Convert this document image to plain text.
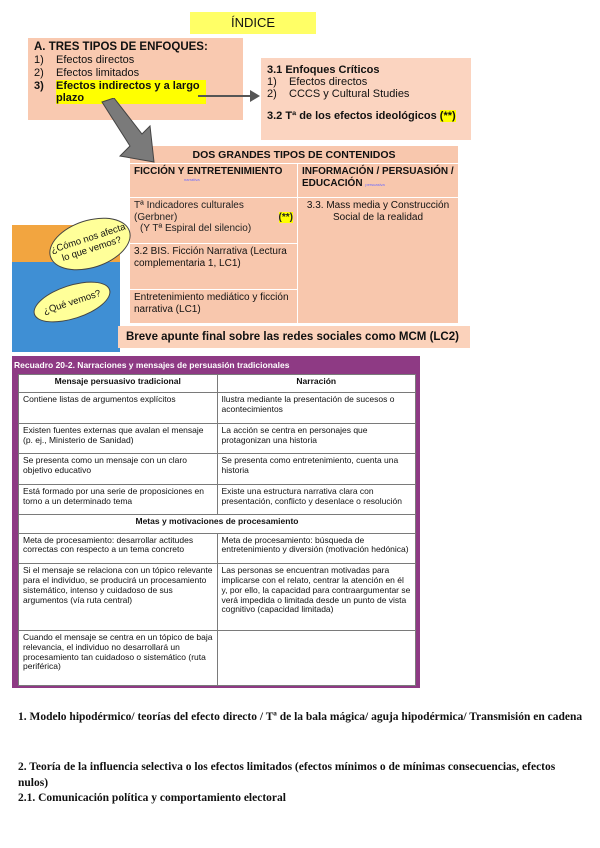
ÍNDICE
A. TRES TIPOS DE ENFOQUES:
1) Efectos directos
2) Efectos limitados
3)	Efectos indirectos y a largo plazo
3.1 Enfoques Críticos
1) Efectos directos
2) CCCS y Cultural Studies
3.2 Tª de los efectos ideológicos (**)
DOS GRANDES TIPOS DE CONTENIDOS
FICCIÓN Y ENTRETENIMIENTO
narrativa
INFORMACIÓN / PERSUASIÓN / EDUCACIÓN persuasiva
Tª Indicadores culturales (Gerbner)	(**)
(Y Tª Espiral del silencio)
3.2 BIS. Ficción Narrativa (Lectura complementaria 1, LC1)
Entretenimiento mediático y ficción narrativa (LC1)
3.3. Mass media y Construcción Social de la realidad
¿Cómo nos afecta lo que vemos?
¿Qué vemos?
Breve apunte final sobre las redes sociales como MCM (LC2)
Recuadro 20-2. Narraciones y mensajes de persuasión tradicionales
Mensaje persuasivo tradicional	Narración
Contiene listas de argumentos explícitos	Ilustra mediante la presentación de sucesos o acontecimientos
Existen fuentes externas que avalan el mensaje (p. ej., Ministerio de Sanidad)	La acción se centra en personajes que protagonizan una historia
Se presenta como un mensaje con un claro objetivo educativo	Se presenta como entretenimiento, cuenta una historia
Está formado por una serie de proposiciones en torno a un determinado tema	Existe una estructura narrativa clara con presentación, conflicto y desenlace o resolución
Metas y motivaciones de procesamiento	
Meta de procesamiento: desarrollar actitudes correctas con respecto a un tema concreto	Meta de procesamiento: búsqueda de entretenimiento y diversión (motivación hedónica)
Si el mensaje se relaciona con un tópico relevante para el individuo, se producirá un procesamiento sistemático, intenso y cuidadoso de sus argumentos (vía ruta central)	Las personas se encuentran motivadas para implicarse con el relato, centrar la atención en él y, por ello, la capacidad para contraargumentar se verá impedida o limitada desde un punto de vista cognitivo (capacidad limitada)
Cuando el mensaje se centra en un tópico de baja relevancia, el individuo no desarrollará un procesamiento tan cuidadoso o sistemático (ruta periférica)	
1. Modelo hipodérmico/ teorías del efecto directo / Tª de la bala mágica/ aguja hipodérmica/ Transmisión en cadena
2. Teoría de la influencia selectiva o los efectos limitados (efectos mínimos o de mínimas consecuencias, efectos nulos)
2.1. Comunicación política y comportamiento electoral
